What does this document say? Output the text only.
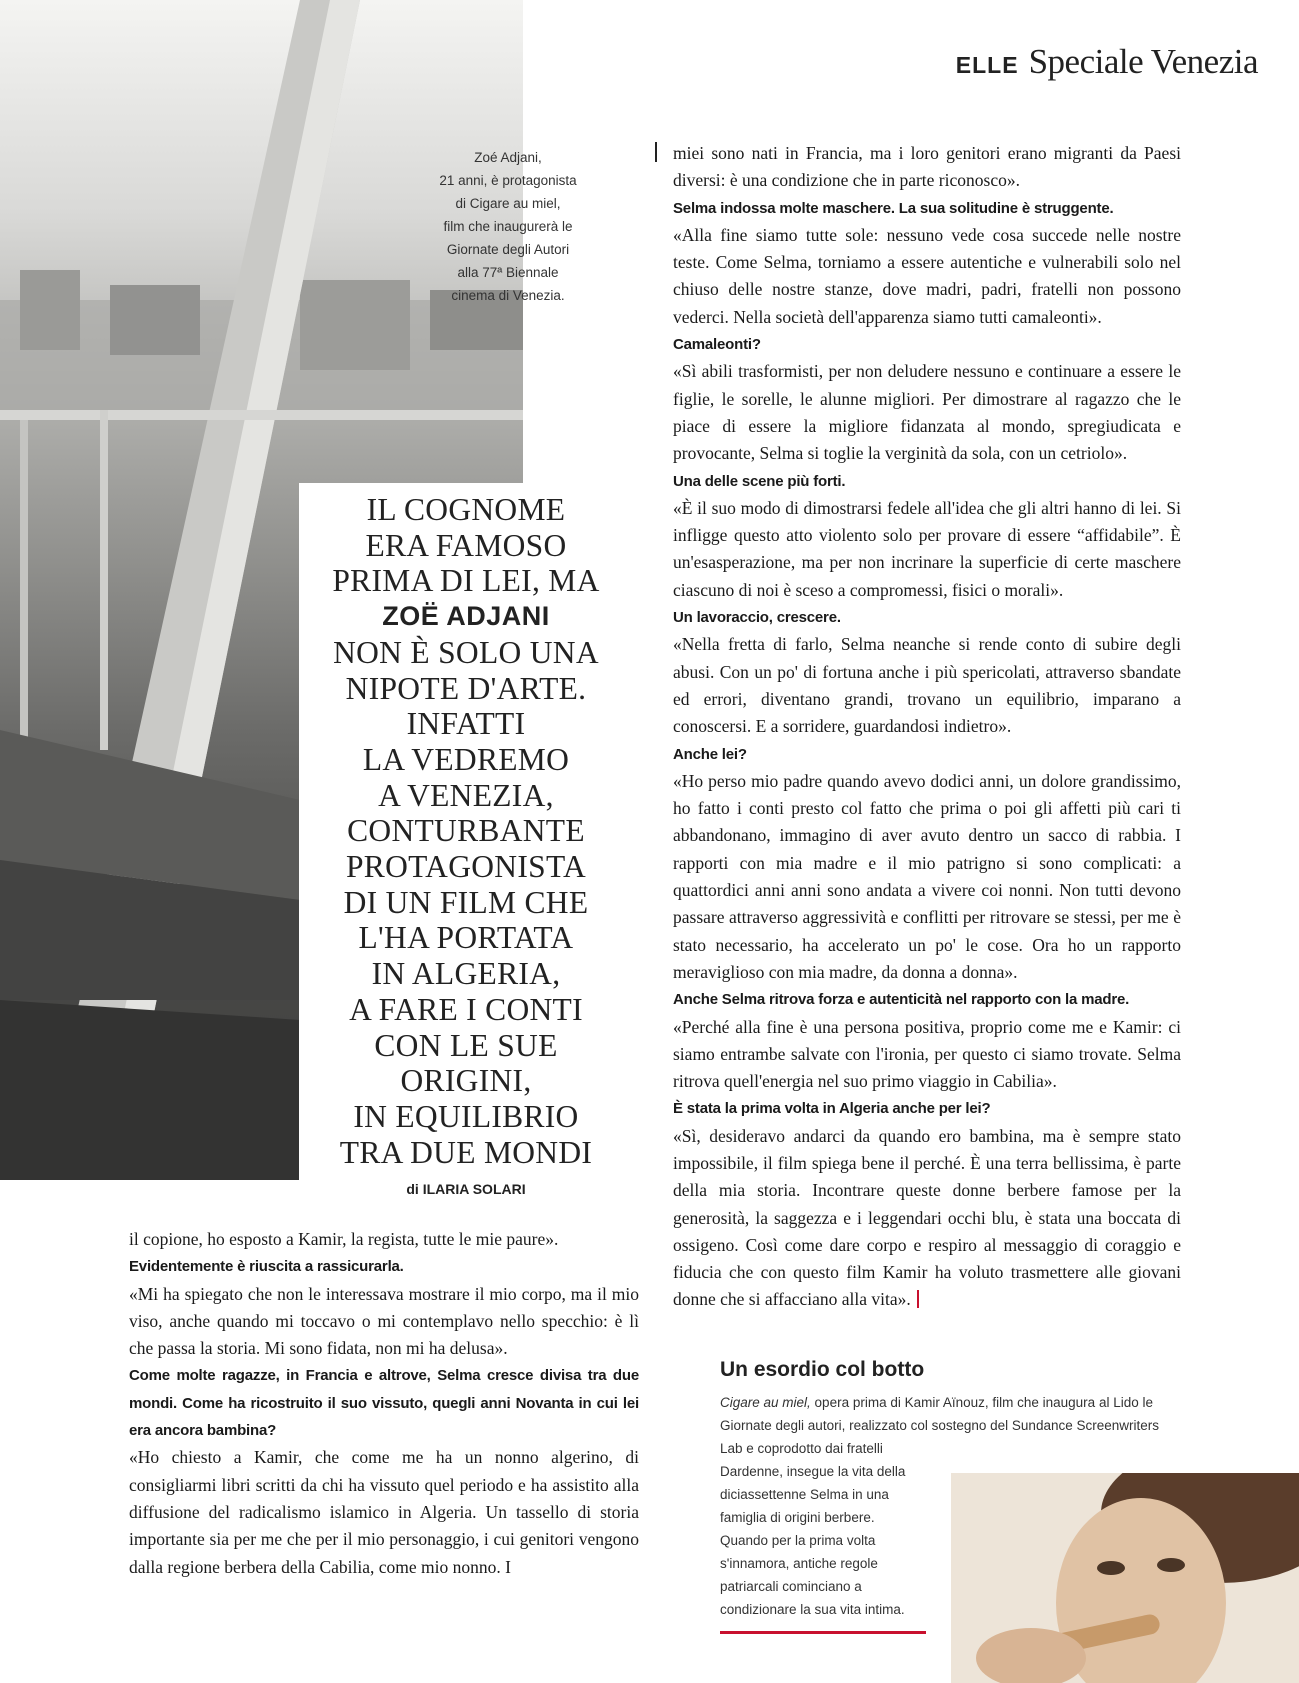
ELLE Speciale Venezia
Zoé Adjani,
21 anni, è protagonista
di Cigare au miel,
film che inaugurerà le
Giornate degli Autori
alla 77ª Biennale
cinema di Venezia.
IL COGNOME
ERA FAMOSO
PRIMA DI LEI, MA
ZOË ADJANI
NON È SOLO UNA
NIPOTE D'ARTE.
INFATTI
LA VEDREMO
A VENEZIA,
CONTURBANTE
PROTAGONISTA
DI UN FILM CHE
L'HA PORTATA
IN ALGERIA,
A FARE I CONTI
CON LE SUE
ORIGINI,
IN EQUILIBRIO
TRA DUE MONDI
di ILARIA SOLARI
miei sono nati in Francia, ma i loro genitori erano migranti da Paesi diversi: è una condizione che in parte riconosco».
Selma indossa molte maschere. La sua solitudine è struggente.
«Alla fine siamo tutte sole: nessuno vede cosa succede nelle nostre teste. Come Selma, torniamo a essere autentiche e vulnerabili solo nel chiuso delle nostre stanze, dove madri, padri, fratelli non possono vederci. Nella società dell'apparenza siamo tutti camaleonti».
Camaleonti?
«Sì abili trasformisti, per non deludere nessuno e continuare a essere le figlie, le sorelle, le alunne migliori. Per dimostrare al ragazzo che le piace di essere la migliore fidanzata al mondo, spregiudicata e provocante, Selma si toglie la verginità da sola, con un cetriolo».
Una delle scene più forti.
«È il suo modo di dimostrarsi fedele all'idea che gli altri hanno di lei. Si infligge questo atto violento solo per provare di essere “affidabile”. È un'esasperazione, ma per non incrinare la superficie di certe maschere ciascuno di noi è sceso a compromessi, fisici o morali».
Un lavoraccio, crescere.
«Nella fretta di farlo, Selma neanche si rende conto di subire degli abusi. Con un po' di fortuna anche i più spericolati, attraverso sbandate ed errori, diventano grandi, trovano un equilibrio, imparano a conoscersi. E a sorridere, guardandosi indietro».
Anche lei?
«Ho perso mio padre quando avevo dodici anni, un dolore grandissimo, ho fatto i conti presto col fatto che prima o poi gli affetti più cari ti abbandonano, immagino di aver avuto dentro un sacco di rabbia. I rapporti con mia madre e il mio patrigno si sono complicati: a quattordici anni anni sono andata a vivere coi nonni. Non tutti devono passare attraverso aggressività e conflitti per ritrovare se stessi, per me è stato necessario, ha accelerato un po' le cose. Ora ho un rapporto meraviglioso con mia madre, da donna a donna».
Anche Selma ritrova forza e autenticità nel rapporto con la madre.
«Perché alla fine è una persona positiva, proprio come me e Kamir: ci siamo entrambe salvate con l'ironia, per questo ci siamo trovate. Selma ritrova quell'energia nel suo primo viaggio in Cabilia».
È stata la prima volta in Algeria anche per lei?
«Sì, desideravo andarci da quando ero bambina, ma è sempre stato impossibile, il film spiega bene il perché. È una terra bellissima, è parte della mia storia. Incontrare queste donne berbere famose per la generosità, la saggezza e i leggendari occhi blu, è stata una boccata di ossigeno. Così come dare corpo e respiro al messaggio di coraggio e fiducia che con questo film Kamir ha voluto trasmettere alle giovani donne che si affacciano alla vita».
il copione, ho esposto a Kamir, la regista, tutte le mie paure».
Evidentemente è riuscita a rassicurarla.
«Mi ha spiegato che non le interessava mostrare il mio corpo, ma il mio viso, anche quando mi toccavo o mi contemplavo nello specchio: è lì che passa la storia. Mi sono fidata, non mi ha delusa».
Come molte ragazze, in Francia e altrove, Selma cresce divisa tra due mondi. Come ha ricostruito il suo vissuto, quegli anni Novanta in cui lei era ancora bambina?
«Ho chiesto a Kamir, che come me ha un nonno algerino, di consigliarmi libri scritti da chi ha vissuto quel periodo e ha assistito alla diffusione del radicalismo islamico in Algeria. Un tassello di storia importante sia per me che per il mio personaggio, i cui genitori vengono dalla regione berbera della Cabilia, come mio nonno. I
Un esordio col botto
Cigare au miel, opera prima di Kamir Aïnouz, film che inaugura al Lido le
Giornate degli autori, realizzato col sostegno del Sundance Screenwriters
Lab e coprodotto dai fratelli
Dardenne, insegue la vita della
diciassettenne Selma in una
famiglia di origini berbere.
Quando per la prima volta
s'innamora, antiche regole
patriarcali cominciano a
condizionare la sua vita intima.
